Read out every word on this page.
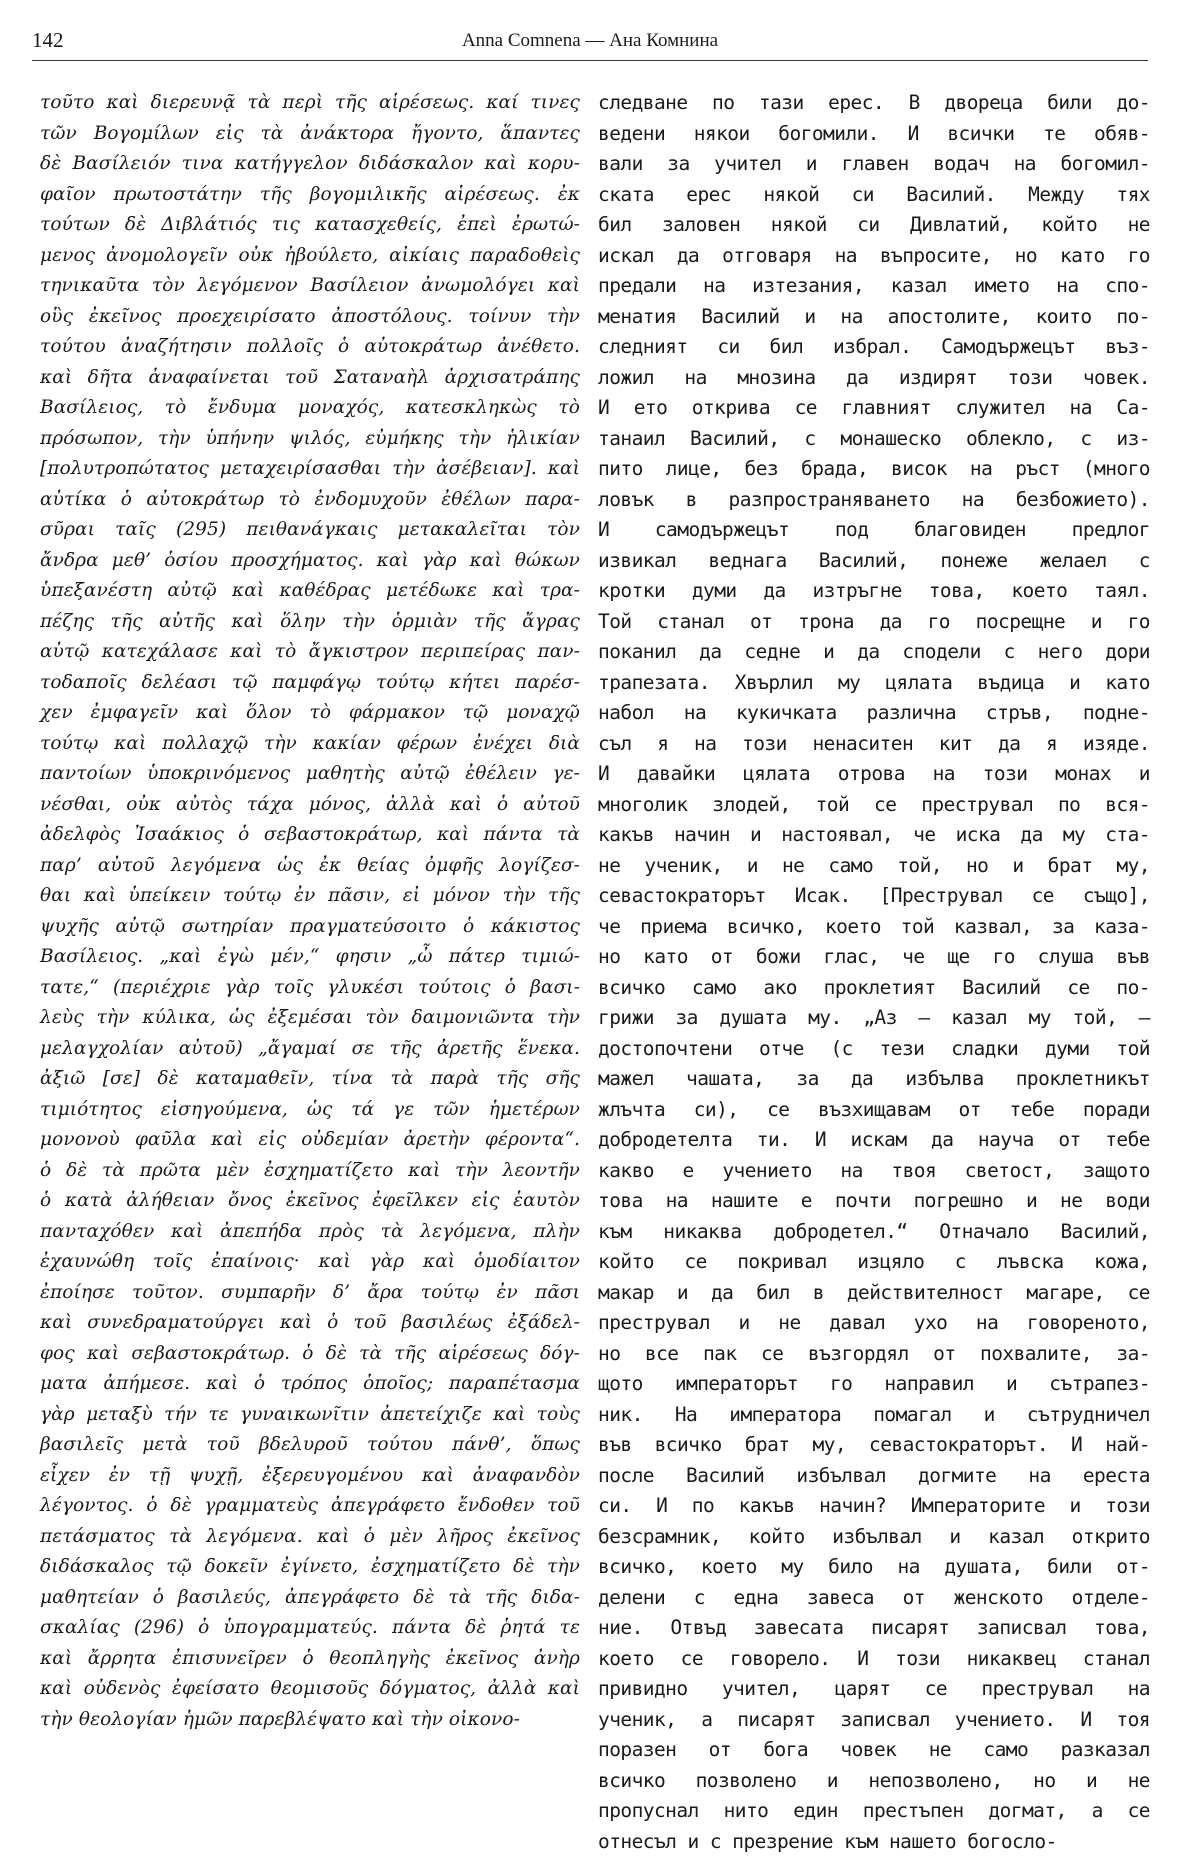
142	Anna Comnena — Ана Комнина
τοῦτο καὶ διερευνᾷ τὰ περὶ τῆς αἱρέσεως. καί τινες
τῶν Βογομίλων εἰς τὰ ἀνάκτορα ἤγοντο, ἅπαντες
δὲ Βασίλειόν τινα κατήγγελον διδάσκαλον καὶ κορυ-
φαῖον πρωτοστάτην τῆς βογομιλικῆς αἱρέσεως. ἐκ
τούτων δὲ Διβλάτιός τις κατασχεθείς, ἐπεὶ ἐρωτώ-
μενος ἀνομολογεῖν οὐκ ἠβούλετο, αἰκίαις παραδοθεὶς
τηνικαῦτα τὸν λεγόμενον Βασίλειον ἀνωμολόγει καὶ
οὓς ἐκεῖνος προεχειρίσατο ἀποστόλους. τοίνυν τὴν
τούτου ἀναζήτησιν πολλοῖς ὁ αὐτοκράτωρ ἀνέθετο.
καὶ δῆτα ἀναφαίνεται τοῦ Σαταναὴλ ἀρχισατράπης
Βασίλειος, τὸ ἔνδυμα μοναχός, κατεσκληκὼς τὸ
πρόσωπον, τὴν ὑπήνην ψιλός, εὐμήκης τὴν ἡλικίαν
[πολυτροπώτατος μεταχειρίσασθαι τὴν ἀσέβειαν]. καὶ
αὐτίκα ὁ αὐτοκράτωρ τὸ ἐνδομυχοῦν ἐθέλων παρα-
σῦραι ταῖς (295) πειθανάγκαις μετακαλεῖται τὸν
ἄνδρα μεθ’ ὁσίου προσχήματος. καὶ γὰρ καὶ θώκων
ὑπεξανέστη αὐτῷ καὶ καθέδρας μετέδωκε καὶ τρα-
πέζης τῆς αὐτῆς καὶ ὅλην τὴν ὁρμιὰν τῆς ἄγρας
αὐτῷ κατεχάλασε καὶ τὸ ἄγκιστρον περιπείρας παν-
τοδαποῖς δελέασι τῷ παμφάγῳ τούτῳ κήτει παρέσ-
χεν ἐμφαγεῖν καὶ ὅλον τὸ φάρμακον τῷ μοναχῷ
τούτῳ καὶ πολλαχῷ τὴν κακίαν φέρων ἐνέχει διὰ
παντοίων ὑποκρινόμενος μαθητὴς αὐτῷ ἐθέλειν γε-
νέσθαι, οὐκ αὐτὸς τάχα μόνος, ἀλλὰ καὶ ὁ αὐτοῦ
ἀδελφὸς Ἰσαάκιος ὁ σεβαστοκράτωρ, καὶ πάντα τὰ
παρ’ αὐτοῦ λεγόμενα ὡς ἐκ θείας ὀμφῆς λογίζεσ-
θαι καὶ ὑπείκειν τούτῳ ἐν πᾶσιν, εἰ μόνον τὴν τῆς
ψυχῆς αὐτῷ σωτηρίαν πραγματεύσοιτο ὁ κάκιστος
Βασίλειος. „καὶ ἐγὼ μέν,“ φησιν „ὦ πάτερ τιμιώ-
τατε,“ (περιέχριε γὰρ τοῖς γλυκέσι τούτοις ὁ βασι-
λεὺς τὴν κύλικα, ὡς ἐξεμέσαι τὸν δαιμονιῶντα τὴν
μελαγχολίαν αὐτοῦ) „ἄγαμαί σε τῆς ἀρετῆς ἕνεκα.
ἀξιῶ [σε] δὲ καταμαθεῖν, τίνα τὰ παρὰ τῆς σῆς
τιμιότητος εἰσηγούμενα, ὡς τά γε τῶν ἡμετέρων
μονονοὺ φαῦλα καὶ εἰς οὐδεμίαν ἀρετὴν φέροντα“.
ὁ δὲ τὰ πρῶτα μὲν ἐσχηματίζετο καὶ τὴν λεοντῆν
ὁ κατὰ ἀλήθειαν ὄνος ἐκεῖνος ἐφεῖλκεν εἰς ἑαυτὸν
πανταχόθεν καὶ ἀπεπήδα πρὸς τὰ λεγόμενα, πλὴν
ἐχαυνώθη τοῖς ἐπαίνοις· καὶ γὰρ καὶ ὁμοδίαιτον
ἐποίησε τοῦτον. συμπαρῆν δ’ ἄρα τούτῳ ἐν πᾶσι
καὶ συνεδραματούργει καὶ ὁ τοῦ βασιλέως ἐξάδελ-
φος καὶ σεβαστοκράτωρ. ὁ δὲ τὰ τῆς αἱρέσεως δόγ-
ματα ἀπήμεσε. καὶ ὁ τρόπος ὁποῖος; παραπέτασμα
γὰρ μεταξὺ τήν τε γυναικωνῖτιν ἀπετείχιζε καὶ τοὺς
βασιλεῖς μετὰ τοῦ βδελυροῦ τούτου πάνθ’, ὅπως
εἶχεν ἐν τῇ ψυχῇ, ἐξερευγομένου καὶ ἀναφανδὸν
λέγοντος. ὁ δὲ γραμματεὺς ἀπεγράφετο ἔνδοθεν τοῦ
πετάσματος τὰ λεγόμενα. καὶ ὁ μὲν λῆρος ἐκεῖνος
διδάσκαλος τῷ δοκεῖν ἐγίνετο, ἐσχηματίζετο δὲ τὴν
μαθητείαν ὁ βασιλεύς, ἀπεγράφετο δὲ τὰ τῆς διδα-
σκαλίας (296) ὁ ὑπογραμματεύς. πάντα δὲ ῥητά τε
καὶ ἄρρητα ἐπισυνεῖρεν ὁ θεοπληγὴς ἐκεῖνος ἀνὴρ
καὶ οὐδενὸς ἐφείσατο θεομισοῦς δόγματος, ἀλλὰ καὶ
τὴν θεολογίαν ἡμῶν παρεβλέψατο καὶ τὴν οἰκονο-
следване по тази ерес. В двореца били до-
ведени някои богомили. И всички те обяв-
вали за учител и главен водач на богомил-
ската ерес някой си Василий. Между тях
бил заловен някой си Дивлатий, който не
искал да отговаря на въпросите, но като го
предали на изтезания, казал името на спо-
менатия Василий и на апостолите, които по-
следният си бил избрал. Самодържецът въз-
ложил на мнозина да издирят този човек.
И ето открива се главният служител на Са-
танаил Василий, с монашеско облекло, с из-
пито лице, без брада, висок на ръст (много
ловък в разпространяването на безбожието).
И самодържецът под благовиден предлог
извикал веднага Василий, понеже желаел с
кротки думи да изтръгне това, което таял.
Той станал от трона да го посрещне и го
поканил да седне и да сподели с него дори
трапезата. Хвърлил му цялата въдица и като
набол на кукичката различна стръв, подне-
съл я на този ненаситен кит да я изяде.
И давайки цялата отрова на този монах и
многолик злодей, той се преструвал по вся-
какъв начин и настоявал, че иска да му ста-
не ученик, и не само той, но и брат му,
севастократорът Исак. [Преструвал се също],
че приема всичко, което той казвал, за каза-
но като от божи глас, че ще го слуша във
всичко само ако проклетият Василий се по-
грижи за душата му. „Аз — казал му той, —
достопочтени отче (с тези сладки думи той
мажел чашата, за да избълва проклетникът
жлъчта си), се възхищавам от тебе поради
добродетелта ти. И искам да науча от тебе
какво е учението на твоя светост, защото
това на нашите е почти погрешно и не води
към никаква добродетел.“ Отначало Василий,
който се покривал изцяло с лъвска кожа,
макар и да бил в действителност магаре, се
преструвал и не давал ухо на говореното,
но все пак се възгордял от похвалите, за-
щото императорът го направил и сътрапез-
ник. На императора помагал и сътрудничел
във всичко брат му, севастократорът. И най-
после Василий избълвал догмите на ереста
си. И по какъв начин? Императорите и този
безсрамник, който избълвал и казал открито
всичко, което му било на душата, били от-
делени с една завеса от женското отделе-
ние. Отвъд завесата писарят записвал това,
което се говорело. И този никаквец станал
привидно учител, царят се преструвал на
ученик, а писарят записвал учението. И тоя
поразен от бога човек не само разказал
всичко позволено и непозволено, но и не
пропуснал нито един престъпен догмат, а се
отнесъл и с презрение към нашето богосло-
